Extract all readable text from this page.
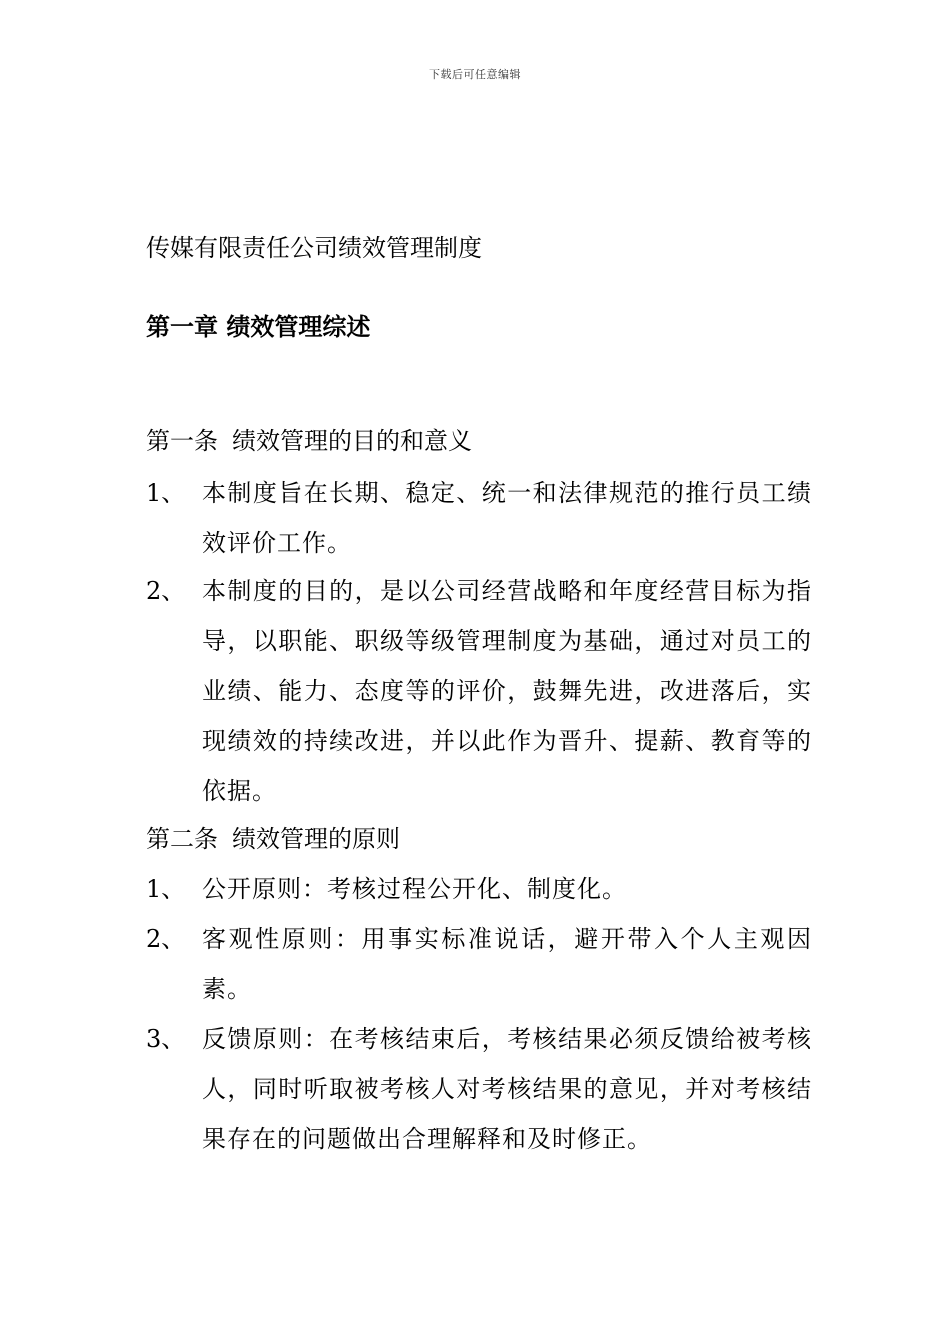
下载后可任意编辑
传媒有限责任公司绩效管理制度
第一章 绩效管理综述
第一条 绩效管理的目的和意义
1、 本制度旨在长期、稳定、统一和法律规范的推行员工绩效评价工作。
2、 本制度的目的，是以公司经营战略和年度经营目标为指导，以职能、职级等级管理制度为基础，通过对员工的业绩、能力、态度等的评价，鼓舞先进，改进落后，实现绩效的持续改进，并以此作为晋升、提薪、教育等的依据。
第二条 绩效管理的原则
1、 公开原则：考核过程公开化、制度化。
2、 客观性原则：用事实标准说话，避开带入个人主观因素。
3、 反馈原则：在考核结束后，考核结果必须反馈给被考核人，同时听取被考核人对考核结果的意见，并对考核结果存在的问题做出合理解释和及时修正。
